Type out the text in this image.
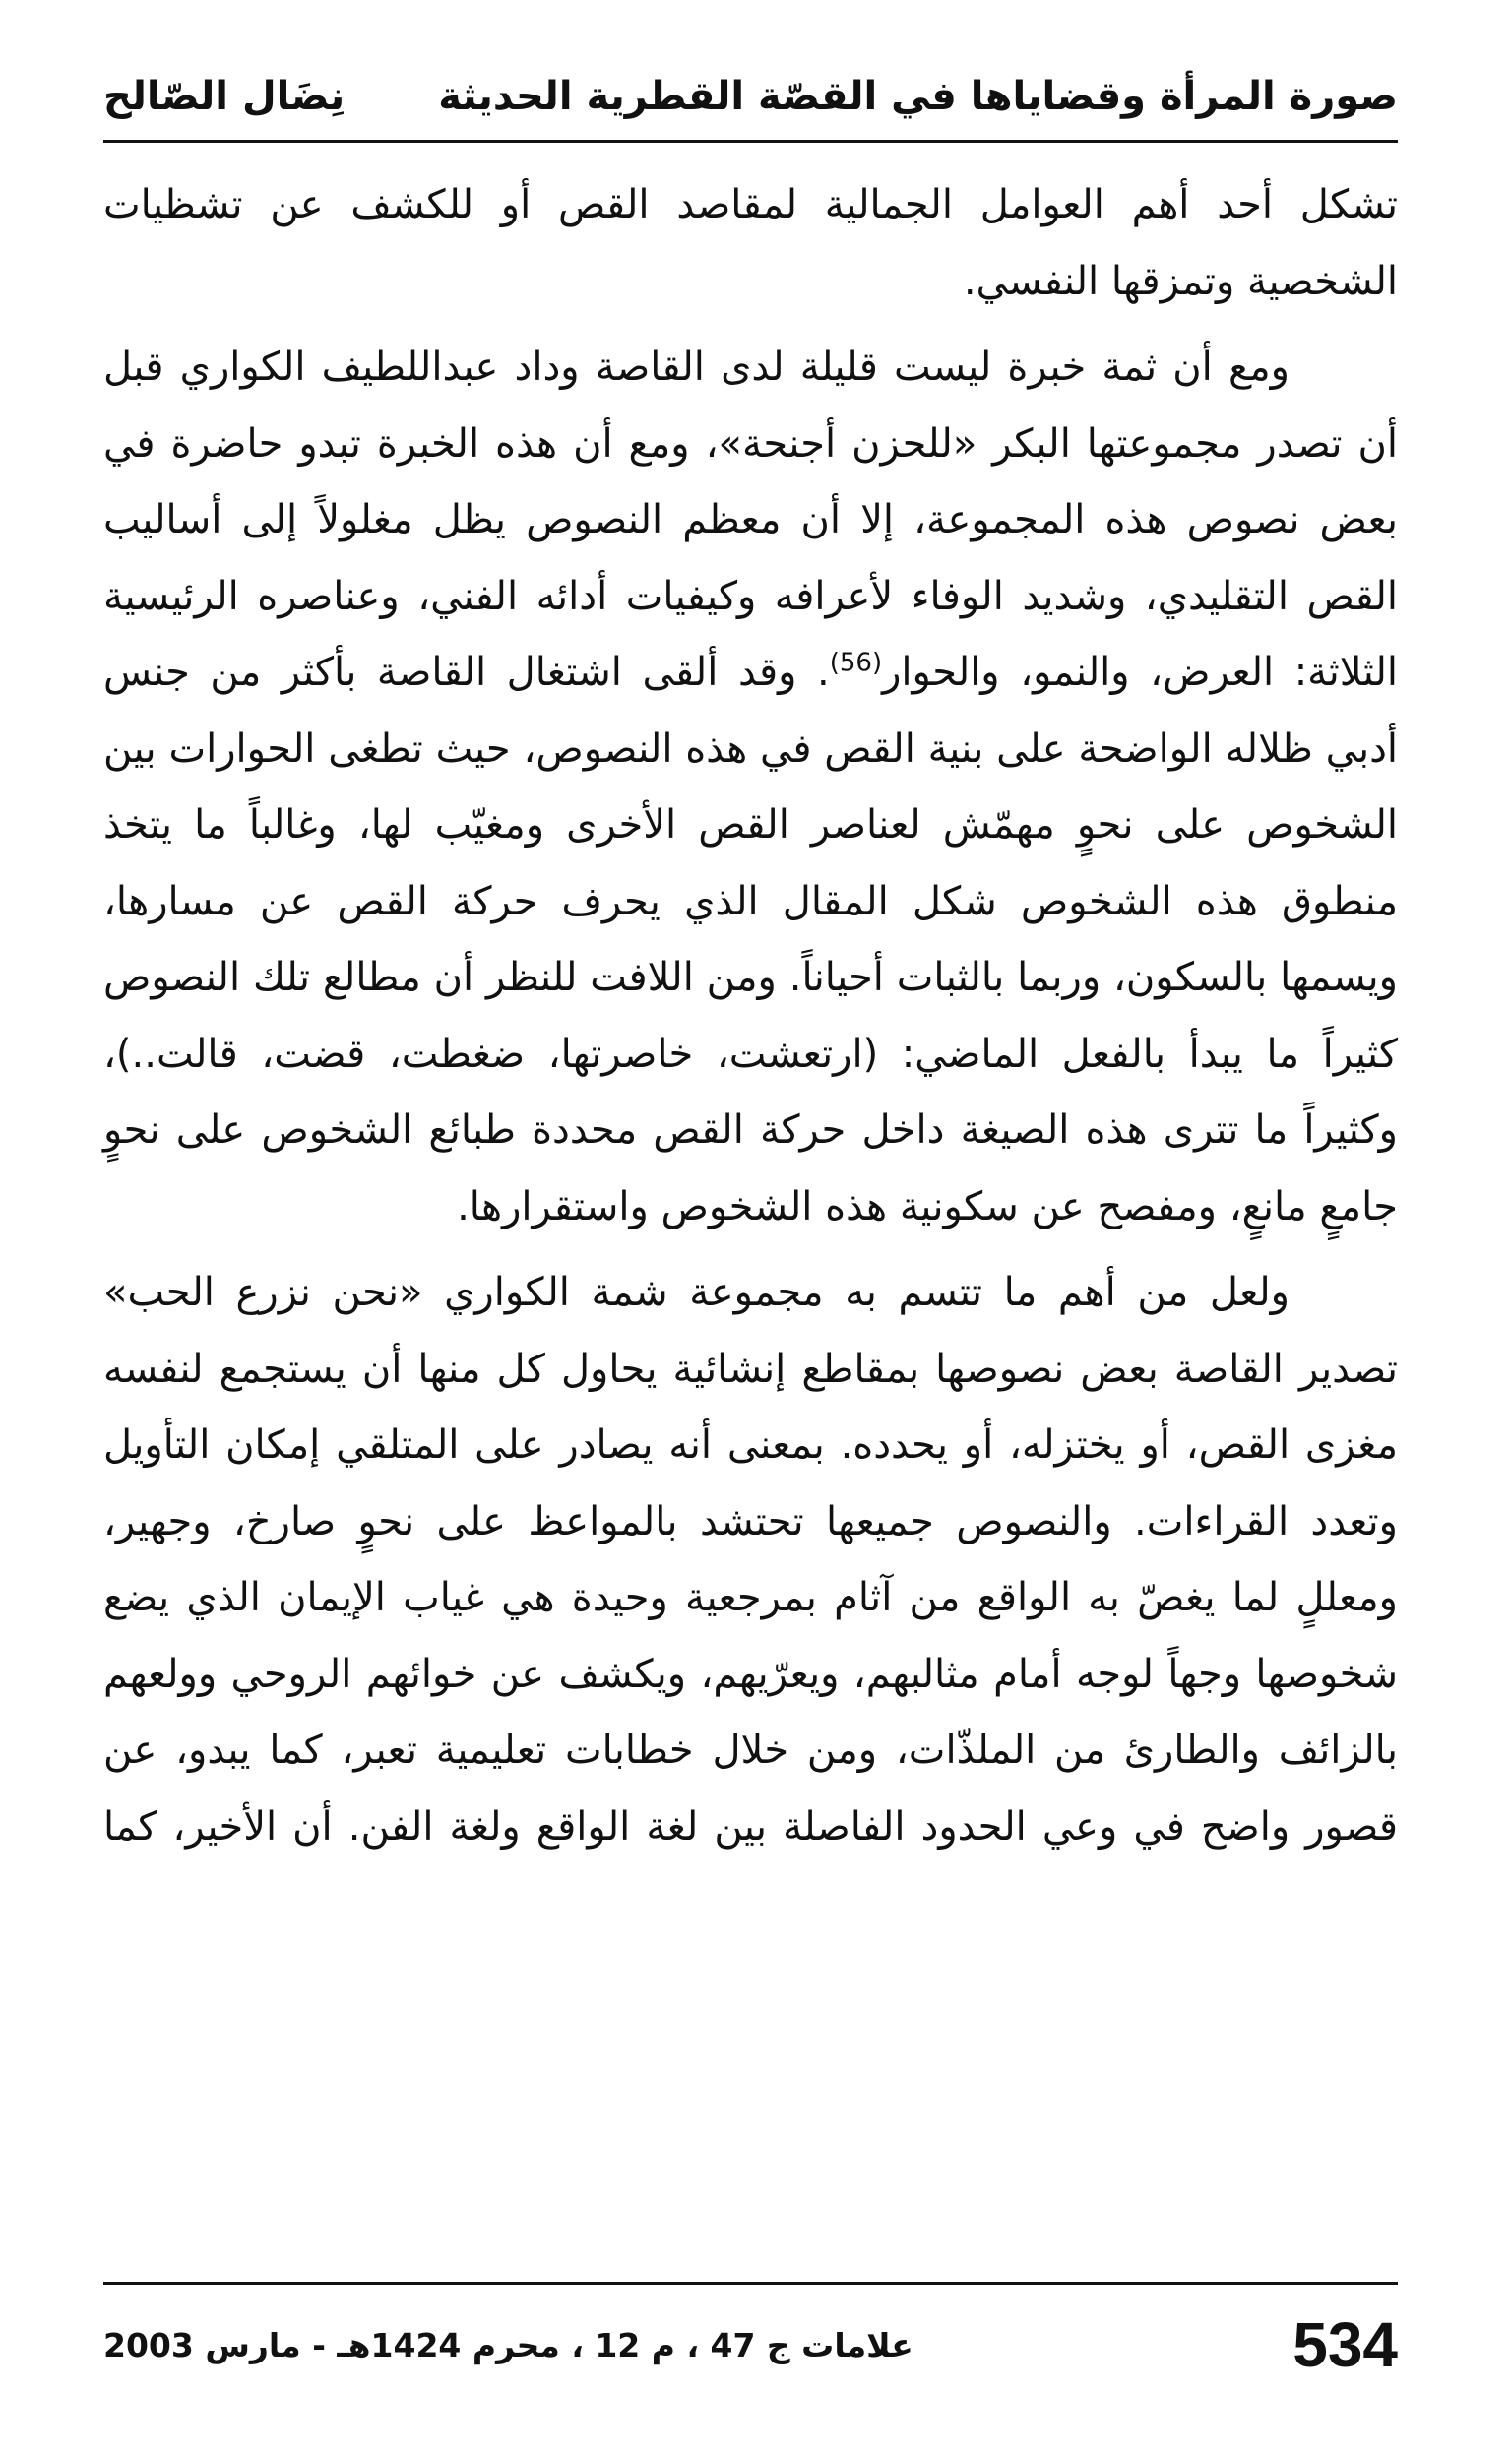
صورة المرأة وقضاياها في القصّة القطرية الحديثة
نِضَال الصّالح

تشكل أحد أهم العوامل الجمالية لمقاصد القص أو للكشف عن تشظيات الشخصية وتمزقها النفسي.

ومع أن ثمة خبرة ليست قليلة لدى القاصة وداد عبداللطيف الكواري قبل أن تصدر مجموعتها البكر «للحزن أجنحة»، ومع أن هذه الخبرة تبدو حاضرة في بعض نصوص هذه المجموعة، إلا أن معظم النصوص يظل مغلولاً إلى أساليب القص التقليدي، وشديد الوفاء لأعرافه وكيفيات أدائه الفني، وعناصره الرئيسية الثلاثة: العرض، والنمو، والحوار$^{(56)}$. وقد ألقى اشتغال القاصة بأكثر من جنس أدبي ظلاله الواضحة على بنية القص في هذه النصوص، حيث تطغى الحوارات بين الشخوص على نحوٍ مهمّش لعناصر القص الأخرى ومغيّب لها، وغالباً ما يتخذ منطوق هذه الشخوص شكل المقال الذي يحرف حركة القص عن مسارها، ويسمها بالسكون، وربما بالثبات أحياناً. ومن اللافت للنظر أن مطالع تلك النصوص كثيراً ما يبدأ بالفعل الماضي: (ارتعشت، خاصرتها، ضغطت، قضت، قالت..)، وكثيراً ما تترى هذه الصيغة داخل حركة القص محددة طبائع الشخوص على نحوٍ جامعٍ مانعٍ، ومفصح عن سكونية هذه الشخوص واستقرارها.

ولعل من أهم ما تتسم به مجموعة شمة الكواري «نحن نزرع الحب» تصدير القاصة بعض نصوصها بمقاطع إنشائية يحاول كل منها أن يستجمع لنفسه مغزى القص، أو يختزله، أو يحدده. بمعنى أنه يصادر على المتلقي إمكان التأويل وتعدد القراءات. والنصوص جميعها تحتشد بالمواعظ على نحوٍ صارخ، وجهير، ومعللٍ لما يغصّ به الواقع من آثام بمرجعية وحيدة هي غياب الإيمان الذي يضع شخوصها وجهاً لوجه أمام مثالبهم، ويعرّيهم، ويكشف عن خوائهم الروحي وولعهم بالزائف والطارئ من الملذّات، ومن خلال خطابات تعليمية تعبر، كما يبدو، عن قصور واضح في وعي الحدود الفاصلة بين لغة الواقع ولغة الفن. أن الأخير، كما

534
علامات ج 47 ، م 12 ، محرم 1424هـ - مارس 2003
